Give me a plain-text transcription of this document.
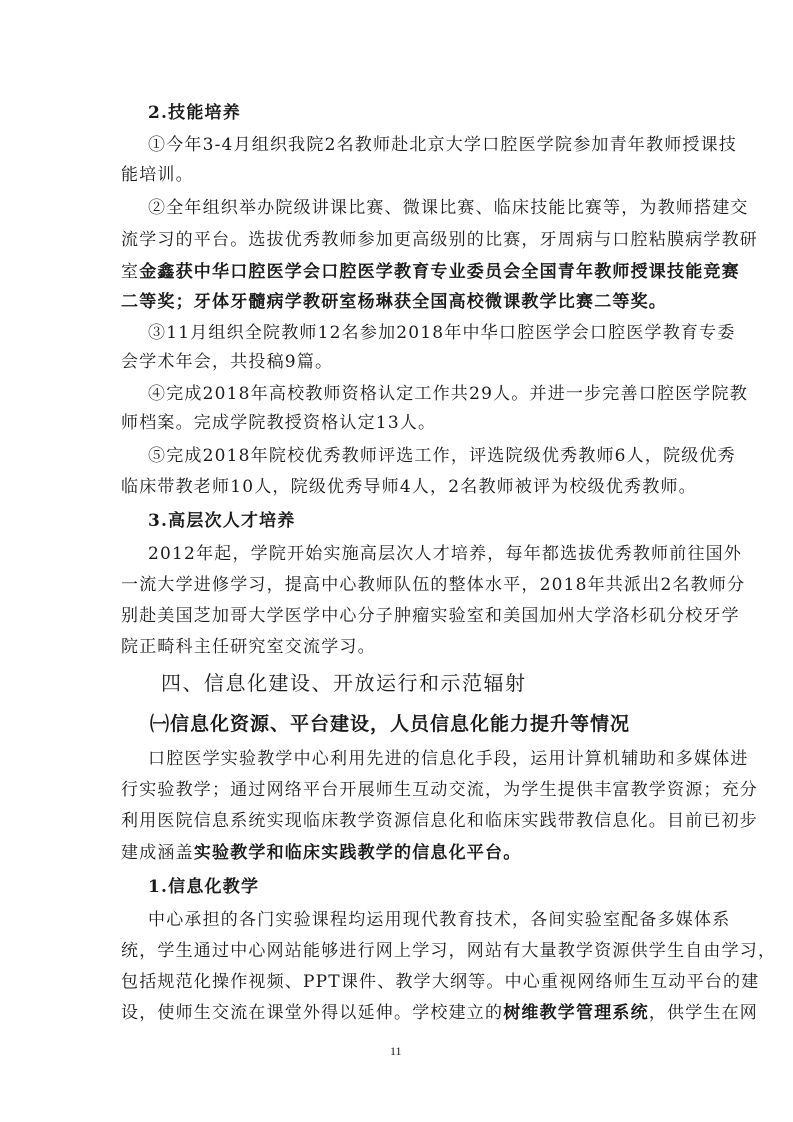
2.技能培养
①今年3-4月组织我院2名教师赴北京大学口腔医学院参加青年教师授课技
能培训。
②全年组织举办院级讲课比赛、微课比赛、临床技能比赛等，为教师搭建交
流学习的平台。选拔优秀教师参加更高级别的比赛，牙周病与口腔粘膜病学教研
室金鑫获中华口腔医学会口腔医学教育专业委员会全国青年教师授课技能竞赛
二等奖；牙体牙髓病学教研室杨琳获全国高校微课教学比赛二等奖。
③11月组织全院教师12名参加2018年中华口腔医学会口腔医学教育专委
会学术年会，共投稿9篇。
④完成2018年高校教师资格认定工作共29人。并进一步完善口腔医学院教
师档案。完成学院教授资格认定13人。
⑤完成2018年院校优秀教师评选工作，评选院级优秀教师6人，院级优秀
临床带教老师10人，院级优秀导师4人，2名教师被评为校级优秀教师。
3.高层次人才培养
2012年起，学院开始实施高层次人才培养，每年都选拔优秀教师前往国外
一流大学进修学习，提高中心教师队伍的整体水平，2018年共派出2名教师分
别赴美国芝加哥大学医学中心分子肿瘤实验室和美国加州大学洛杉矶分校牙学
院正畸科主任研究室交流学习。
四、信息化建设、开放运行和示范辐射
㈠信息化资源、平台建设，人员信息化能力提升等情况
口腔医学实验教学中心利用先进的信息化手段，运用计算机辅助和多媒体进
行实验教学；通过网络平台开展师生互动交流，为学生提供丰富教学资源；充分
利用医院信息系统实现临床教学资源信息化和临床实践带教信息化。目前已初步
建成涵盖实验教学和临床实践教学的信息化平台。
1.信息化教学
中心承担的各门实验课程均运用现代教育技术，各间实验室配备多媒体系
统，学生通过中心网站能够进行网上学习，网站有大量教学资源供学生自由学习，
包括规范化操作视频、PPT课件、教学大纲等。中心重视网络师生互动平台的建
设，使师生交流在课堂外得以延伸。学校建立的树维教学管理系统，供学生在网
11
